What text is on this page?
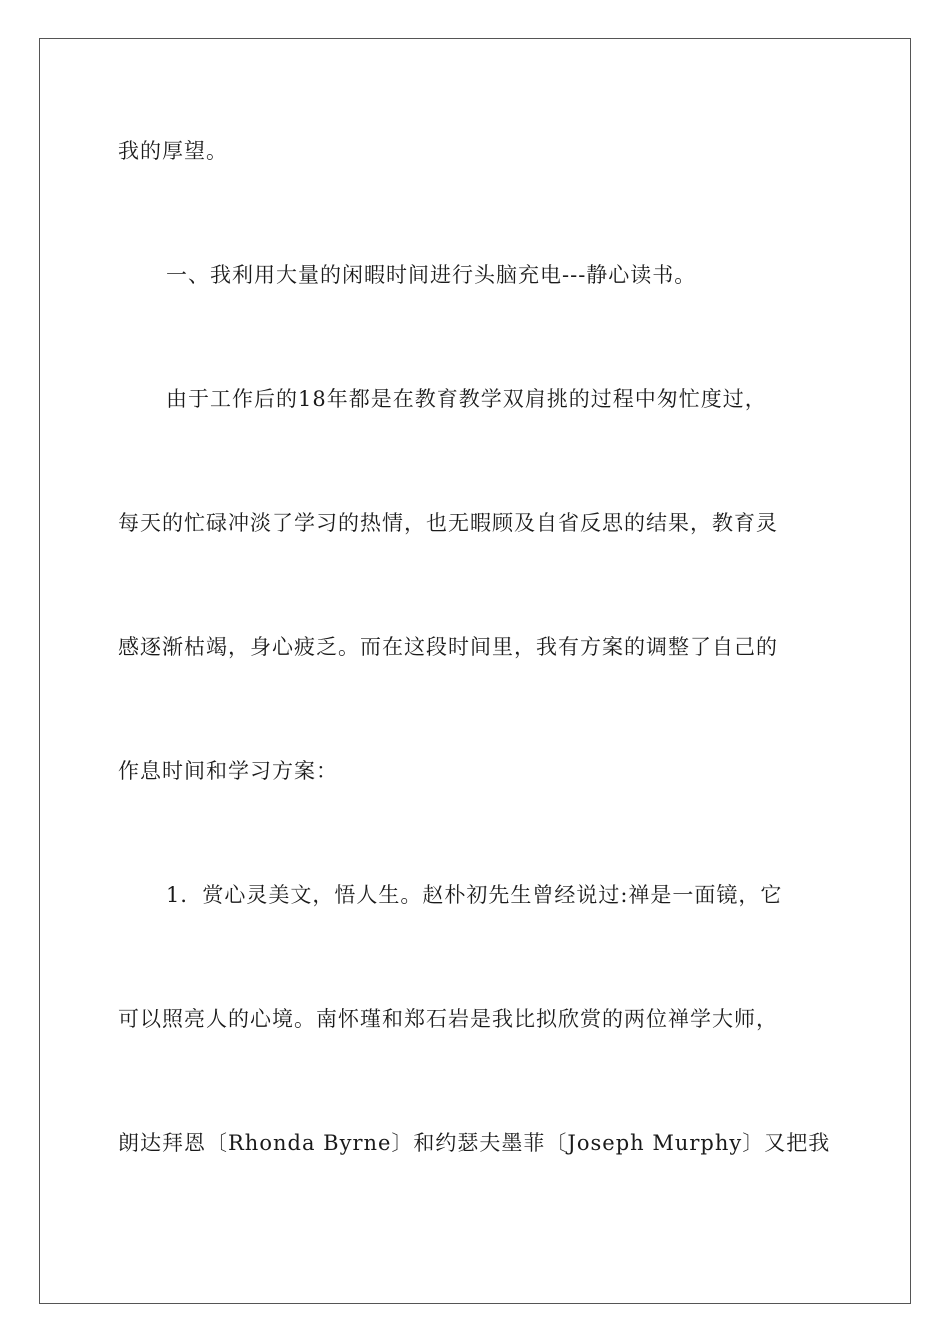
我的厚望。
一、我利用大量的闲暇时间进行头脑充电---静心读书。
由于工作后的18年都是在教育教学双肩挑的过程中匆忙度过，
每天的忙碌冲淡了学习的热情，也无暇顾及自省反思的结果，教育灵
感逐渐枯竭，身心疲乏。而在这段时间里，我有方案的调整了自己的
作息时间和学习方案：
1．赏心灵美文，悟人生。赵朴初先生曾经说过:禅是一面镜，它
可以照亮人的心境。南怀瑾和郑石岩是我比拟欣赏的两位禅学大师，
朗达拜恩〔Rhonda Byrne〕和约瑟夫墨菲〔Joseph Murphy〕又把我
